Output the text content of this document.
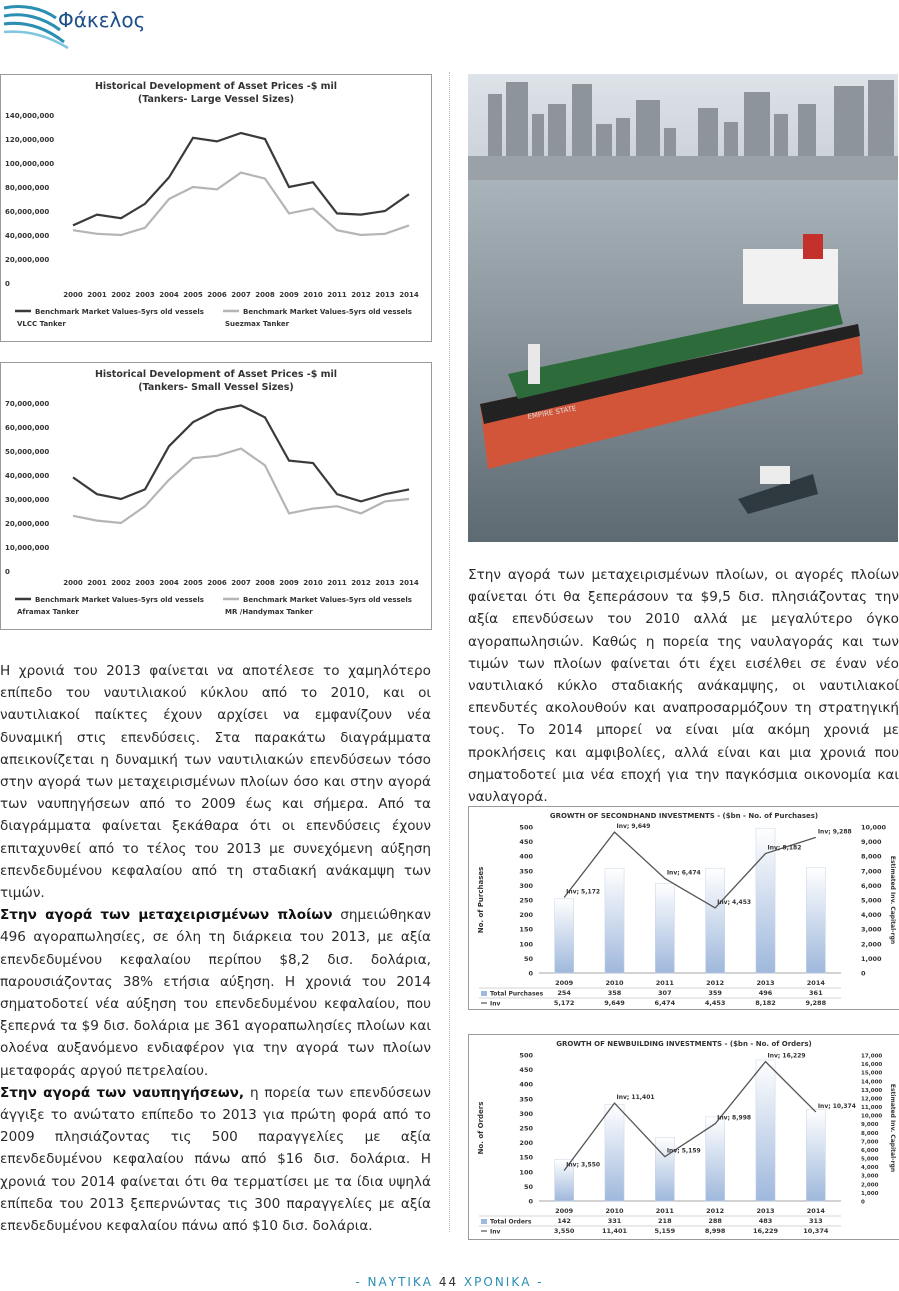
Φάκελος
Historical Development of Asset Prices -$ mil
(Tankers- Large Vessel Sizes)
0
20,000,000
40,000,000
60,000,000
80,000,000
100,000,000
120,000,000
140,000,000
2000 2001 2002 2003 2004 2005 2006 2007 2008 2009 2010 2011 2012 2013 2014
Benchmark Market Values-5yrs old vessels
VLCC Tanker
Benchmark Market Values-5yrs old vessels
Suezmax Tanker
Historical Development of Asset Prices -$ mil
(Tankers- Small Vessel Sizes)
0
10,000,000
20,000,000
30,000,000
40,000,000
50,000,000
60,000,000
70,000,000
2000 2001 2002 2003 2004 2005 2006 2007 2008 2009 2010 2011 2012 2013 2014
Benchmark Market Values-5yrs old vessels
Aframax Tanker
Benchmark Market Values-5yrs old vessels
MR /Handymax Tanker
EMPIRE STATE

Η χρονιά του 2013 φαίνεται να αποτέλεσε το χαμηλότερο επίπεδο του ναυτιλιακού κύκλου από το 2010, και οι ναυτιλιακοί παίκτες έχουν αρχίσει να εμφανίζουν νέα δυναμική στις επενδύσεις. Στα παρακάτω διαγράμματα απεικονίζεται η δυναμική των ναυτιλιακών επενδύσεων τόσο στην αγορά των μεταχειρισμένων πλοίων όσο και στην αγορά των ναυπηγήσεων από το 2009 έως και σήμερα. Από τα διαγράμματα φαίνεται ξεκάθαρα ότι οι επενδύσεις έχουν επιταχυνθεί από το τέλος του 2013 με συνεχόμενη αύξηση επενδεδυμένου κεφαλαίου από τη σταδιακή ανάκαμψη των τιμών.

Στην αγορά των μεταχειρισμένων πλοίων σημειώθηκαν 496 αγοραπωλησίες, σε όλη τη διάρκεια του 2013, με αξία επενδεδυμένου κεφαλαίου περίπου $8,2 δισ. δολάρια, παρουσιάζοντας 38% ετήσια αύξηση. Η χρονιά του 2014 σηματοδοτεί νέα αύξηση του επενδεδυμένου κεφαλαίου, που ξεπερνά τα $9 δισ. δολάρια με 361 αγοραπωλησίες πλοίων και ολοένα αυξανόμενο ενδιαφέρον για την αγορά των πλοίων μεταφοράς αργού πετρελαίου.

Στην αγορά των ναυπηγήσεων, η πορεία των επενδύσεων άγγιξε το ανώτατο επίπεδο το 2013 για πρώτη φορά από το 2009 πλησιάζοντας τις 500 παραγγελίες με αξία επενδεδυμένου κεφαλαίου πάνω από $16 δισ. δολάρια. Η χρονιά του 2014 φαίνεται ότι θα τερματίσει με τα ίδια υψηλά επίπεδα του 2013 ξεπερνώντας τις 300 παραγγελίες με αξία επενδεδυμένου κεφαλαίου πάνω από $10 δισ. δολάρια.

Στην αγορά των μεταχειρισμένων πλοίων, οι αγορές πλοίων φαίνεται ότι θα ξεπεράσουν τα $9,5 δισ. πλησιάζοντας την αξία επενδύσεων του 2010 αλλά με μεγαλύτερο όγκο αγοραπωλησιών. Καθώς η πορεία της ναυλαγοράς και των τιμών των πλοίων φαίνεται ότι έχει εισέλθει σε έναν νέο ναυτιλιακό κύκλο σταδιακής ανάκαμψης, οι ναυτιλιακοί επενδυτές ακολουθούν και αναπροσαρμόζουν τη στρατηγική τους. Το 2014 μπορεί να είναι μία ακόμη χρονιά με προκλήσεις και αμφιβολίες, αλλά είναι και μια χρονιά που σηματοδοτεί μια νέα εποχή για την παγκόσμια οικονομία και ναυλαγορά.

GROWTH OF SECONDHAND INVESTMENTS - ($bn - No. of Purchases)
No. of Purchases	Estimated Inv. Capital-rgn
0
50
100
150
200
250
300
350
400
450
500
0
1,000
2,000
3,000
4,000
5,000
6,000
7,000
8,000
9,000
10,000
Inv; 5,172
Inv; 9,649
Inv; 6,474
Inv; 4,453
Inv; 8,182
Inv; 9,288
2009
254
5,172
2010
358
9,649
2011
307
6,474
2012
359
4,453
2013
496
8,182
2014
361
9,288
Total Purchases
Inv
GROWTH OF NEWBUILDING INVESTMENTS - ($bn - No. of Orders)
No. of Orders	Estimated Inv. Capital-rgn
0
50
100
150
200
250
300
350
400
450
500
0
1,000
2,000
3,000
4,000
5,000
6,000
7,000
8,000
9,000
10,000
11,000
12,000
13,000
14,000
15,000
16,000
17,000
Inv; 3,550
Inv; 11,401
Inv; 5,159
Inv; 8,998
Inv; 16,229
Inv; 10,374
2009
142
3,550
2010
331
11,401
2011
218
5,159
2012
288
8,998
2013
483
16,229
2014
313
10,374
Total Orders
Inv
- ΝΑΥΤΙΚΑ 44 ΧΡΟΝΙΚΑ -
